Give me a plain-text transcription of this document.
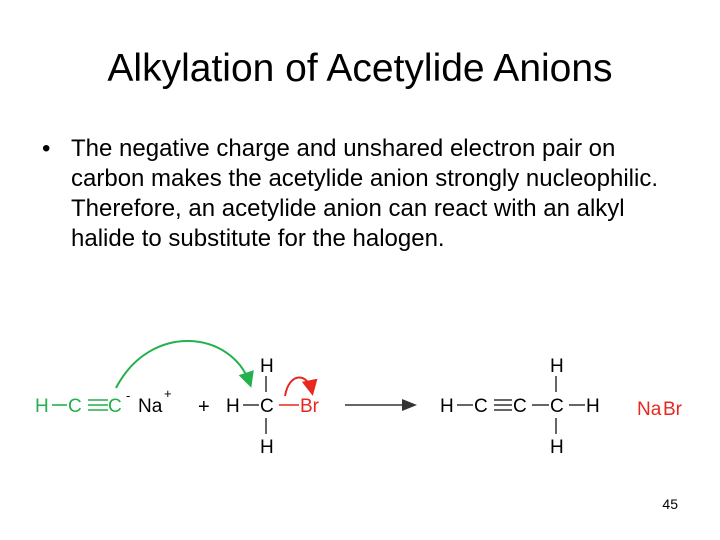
Alkylation of Acetylide Anions
• The negative charge and unshared electron pair on carbon makes the acetylide anion strongly nucleophilic. Therefore, an acetylide anion can react with an alkyl halide to substitute for the halogen.
H C C
-
Na
+
+
H
H C Br
H
H C C C
H
H
H
Na Br
45
